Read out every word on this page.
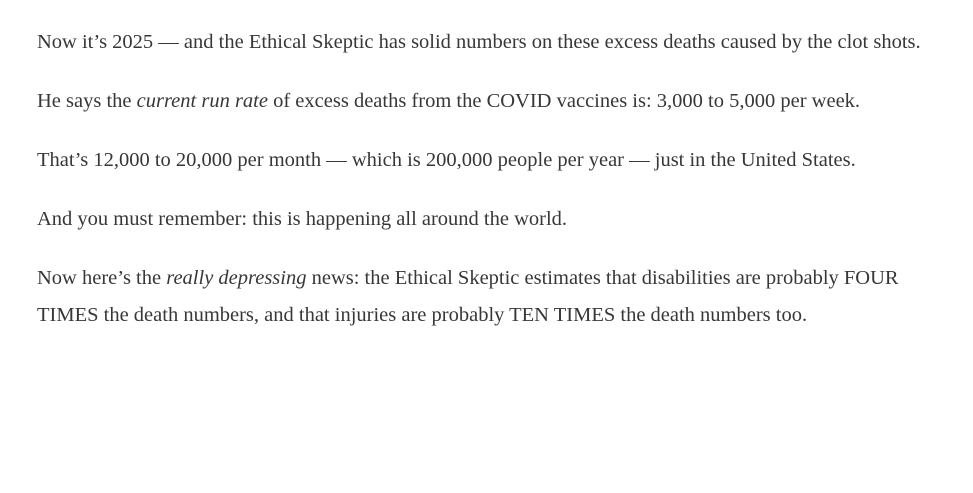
Now it’s 2025 — and the Ethical Skeptic has solid numbers on these excess deaths caused by the clot shots.

He says the current run rate of excess deaths from the COVID vaccines is: 3,000 to 5,000 per week.

That’s 12,000 to 20,000 per month — which is 200,000 people per year — just in the United States.

And you must remember: this is happening all around the world.

Now here’s the really depressing news: the Ethical Skeptic estimates that disabilities are probably FOUR TIMES the death numbers, and that injuries are probably TEN TIMES the death numbers too.
